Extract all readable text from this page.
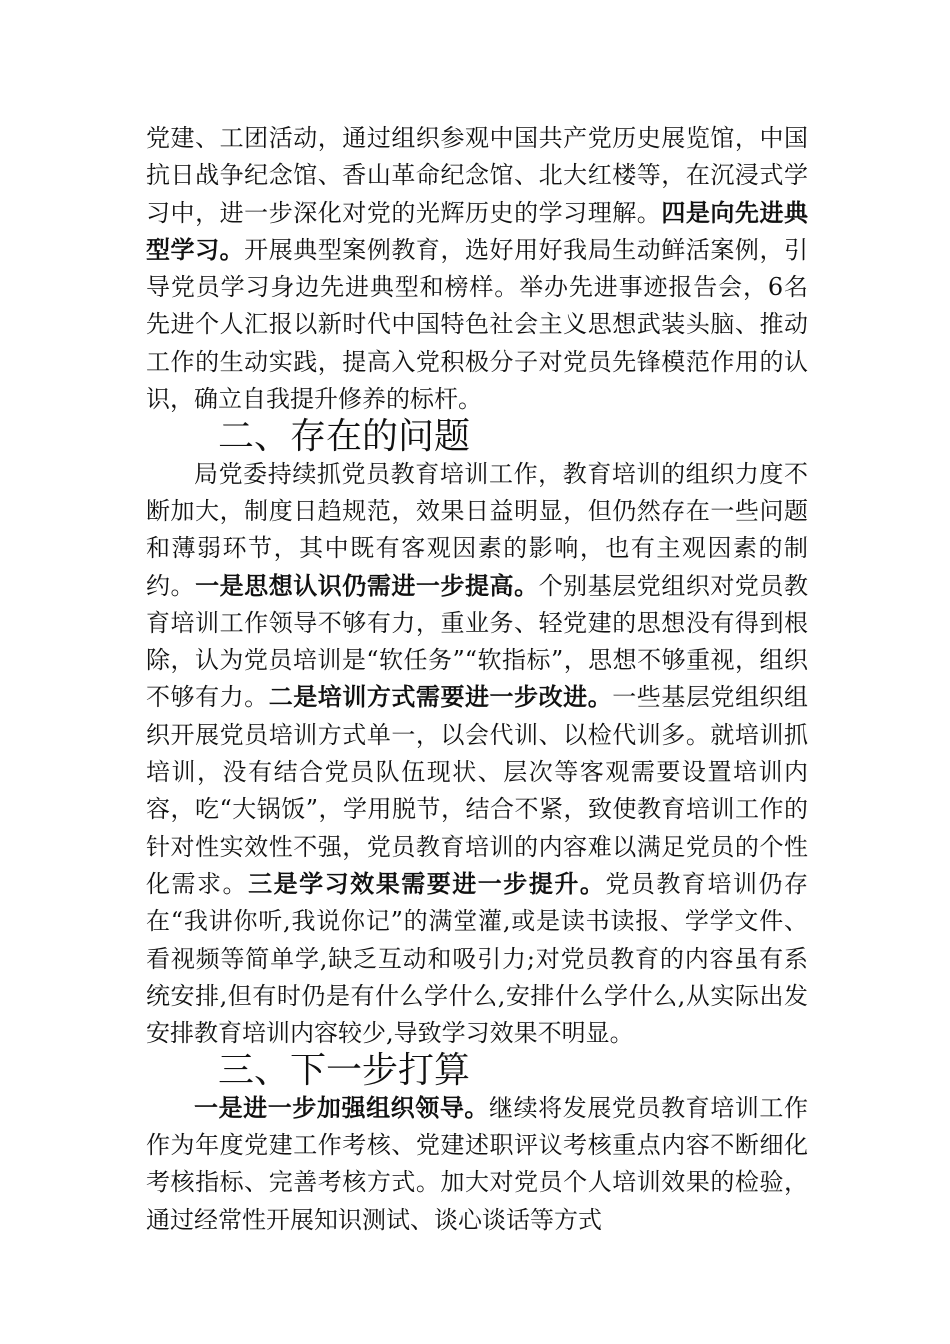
党建、工团活动，通过组织参观中国共产党历史展览馆，中国抗日战争纪念馆、香山革命纪念馆、北大红楼等，在沉浸式学习中，进一步深化对党的光辉历史的学习理解。四是向先进典型学习。开展典型案例教育，选好用好我局生动鲜活案例，引导党员学习身边先进典型和榜样。举办先进事迹报告会，6名先进个人汇报以新时代中国特色社会主义思想武装头脑、推动工作的生动实践，提高入党积极分子对党员先锋模范作用的认识，确立自我提升修养的标杆。

二、存在的问题

局党委持续抓党员教育培训工作，教育培训的组织力度不断加大，制度日趋规范，效果日益明显，但仍然存在一些问题和薄弱环节，其中既有客观因素的影响，也有主观因素的制约。一是思想认识仍需进一步提高。个别基层党组织对党员教育培训工作领导不够有力，重业务、轻党建的思想没有得到根除，认为党员培训是“软任务”“软指标”，思想不够重视，组织不够有力。二是培训方式需要进一步改进。一些基层党组织组织开展党员培训方式单一，以会代训、以检代训多。就培训抓培训，没有结合党员队伍现状、层次等客观需要设置培训内容，吃“大锅饭”，学用脱节，结合不紧，致使教育培训工作的针对性实效性不强，党员教育培训的内容难以满足党员的个性化需求。三是学习效果需要进一步提升。党员教育培训仍存在“我讲你听,我说你记”的满堂灌,或是读书读报、学学文件、看视频等简单学,缺乏互动和吸引力;对党员教育的内容虽有系统安排,但有时仍是有什么学什么,安排什么学什么,从实际出发安排教育培训内容较少,导致学习效果不明显。

三、下一步打算

一是进一步加强组织领导。继续将发展党员教育培训工作作为年度党建工作考核、党建述职评议考核重点内容不断细化考核指标、完善考核方式。加大对党员个人培训效果的检验，通过经常性开展知识测试、谈心谈话等方式
